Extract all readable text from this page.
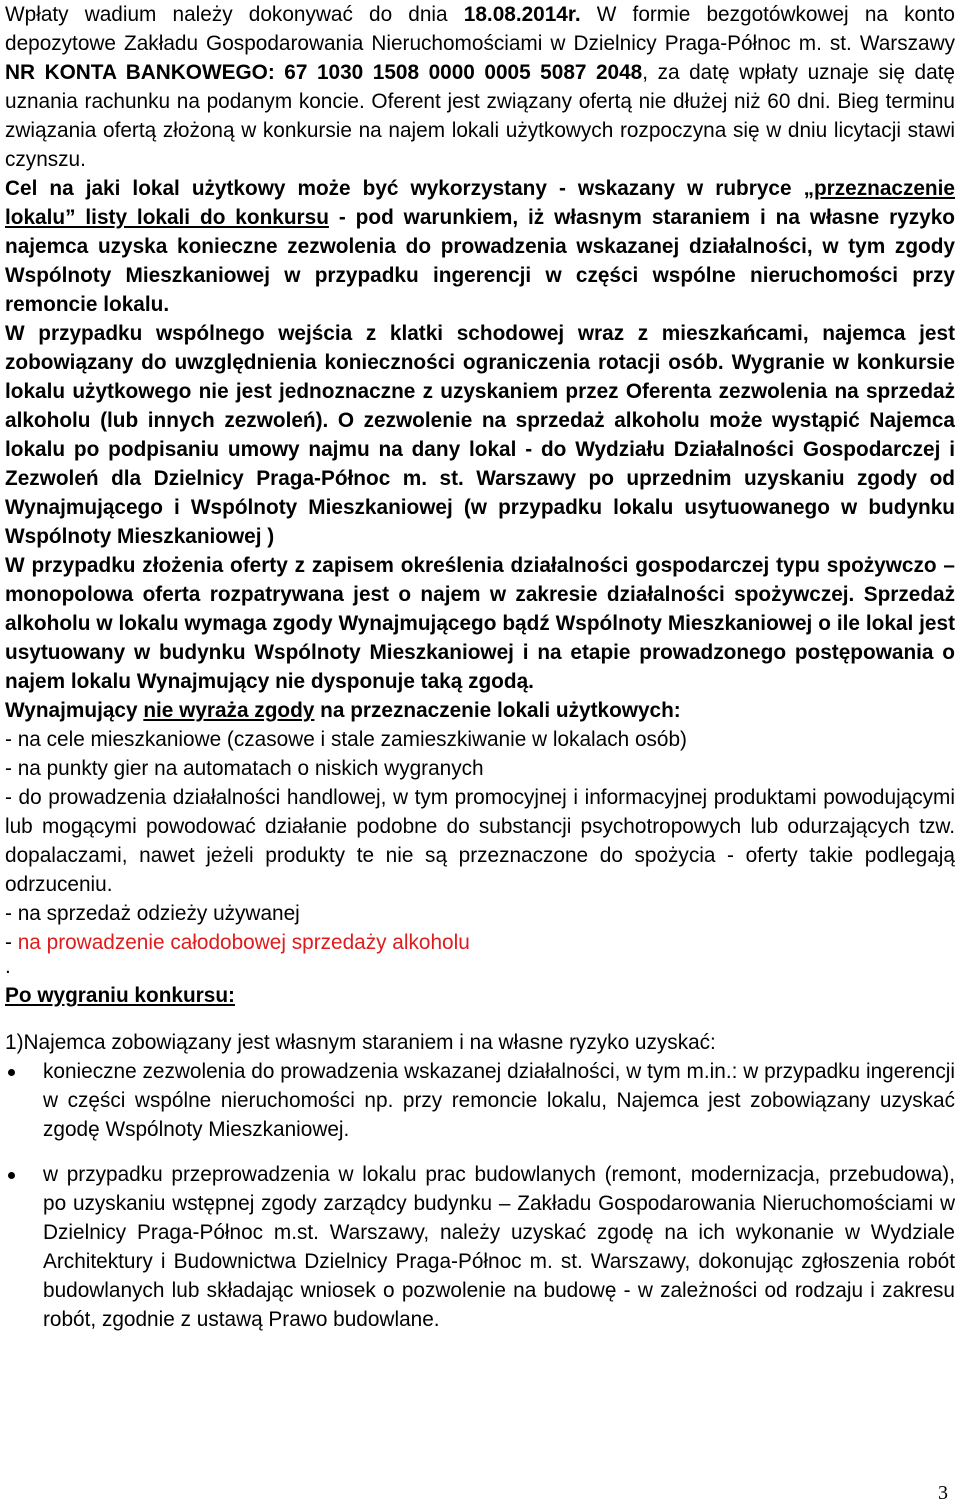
Wpłaty wadium należy dokonywać do dnia 18.08.2014r. W formie bezgotówkowej na konto depozytowe Zakładu Gospodarowania Nieruchomościami w Dzielnicy Praga-Północ m. st. Warszawy NR KONTA BANKOWEGO: 67 1030 1508 0000 0005 5087 2048, za datę wpłaty uznaje się datę uznania rachunku na podanym koncie. Oferent jest związany ofertą nie dłużej niż 60 dni. Bieg terminu związania ofertą złożoną w konkursie na najem lokali użytkowych rozpoczyna się w dniu licytacji stawi czynszu.

Cel na jaki lokal użytkowy może być wykorzystany - wskazany w rubryce „przeznaczenie lokalu” listy lokali do konkursu - pod warunkiem, iż własnym staraniem i na własne ryzyko najemca uzyska konieczne zezwolenia do prowadzenia wskazanej działalności, w tym zgody Wspólnoty Mieszkaniowej w przypadku ingerencji w części wspólne nieruchomości przy remoncie lokalu.

W przypadku wspólnego wejścia z klatki schodowej wraz z mieszkańcami, najemca jest zobowiązany do uwzględnienia konieczności ograniczenia rotacji osób. Wygranie w konkursie lokalu użytkowego nie jest jednoznaczne z uzyskaniem przez Oferenta zezwolenia na sprzedaż alkoholu (lub innych zezwoleń). O zezwolenie na sprzedaż alkoholu może wystąpić Najemca lokalu po podpisaniu umowy najmu na dany lokal - do Wydziału Działalności Gospodarczej i Zezwoleń dla Dzielnicy Praga-Północ m. st. Warszawy po uprzednim uzyskaniu zgody od Wynajmującego i Wspólnoty Mieszkaniowej (w przypadku lokalu usytuowanego w budynku Wspólnoty Mieszkaniowej )

W przypadku złożenia oferty z zapisem określenia działalności gospodarczej typu spożywczo – monopolowa oferta rozpatrywana jest o najem w zakresie działalności spożywczej. Sprzedaż alkoholu w lokalu wymaga zgody Wynajmującego bądź Wspólnoty Mieszkaniowej o ile lokal jest usytuowany w budynku Wspólnoty Mieszkaniowej i na etapie prowadzonego postępowania o najem lokalu Wynajmujący nie dysponuje taką zgodą.

Wynajmujący nie wyraża zgody na przeznaczenie lokali użytkowych:

- na cele mieszkaniowe (czasowe i stale zamieszkiwanie w lokalach osób)

- na punkty gier na automatach o niskich wygranych

- do prowadzenia działalności handlowej, w tym promocyjnej i informacyjnej produktami powodującymi lub mogącymi powodować działanie podobne do substancji psychotropowych lub odurzających tzw. dopalaczami, nawet jeżeli produkty te nie są przeznaczone do spożycia - oferty takie podlegają odrzuceniu.

- na sprzedaż odzieży używanej

- na prowadzenie całodobowej sprzedaży alkoholu

.

Po wygraniu konkursu:

1)Najemca zobowiązany jest własnym staraniem i na własne ryzyko uzyskać:

konieczne zezwolenia do prowadzenia wskazanej działalności, w tym m.in.: w przypadku ingerencji w części wspólne nieruchomości np. przy remoncie lokalu, Najemca jest zobowiązany uzyskać zgodę Wspólnoty Mieszkaniowej.
w przypadku przeprowadzenia w lokalu prac budowlanych (remont, modernizacja, przebudowa), po uzyskaniu wstępnej zgody zarządcy budynku – Zakładu Gospodarowania Nieruchomościami w Dzielnicy Praga-Północ m.st. Warszawy, należy uzyskać zgodę na ich wykonanie w Wydziale Architektury i Budownictwa Dzielnicy Praga-Północ m. st. Warszawy, dokonując zgłoszenia robót budowlanych lub składając wniosek o pozwolenie na budowę - w zależności od rodzaju i zakresu robót, zgodnie z ustawą Prawo budowlane.
3
